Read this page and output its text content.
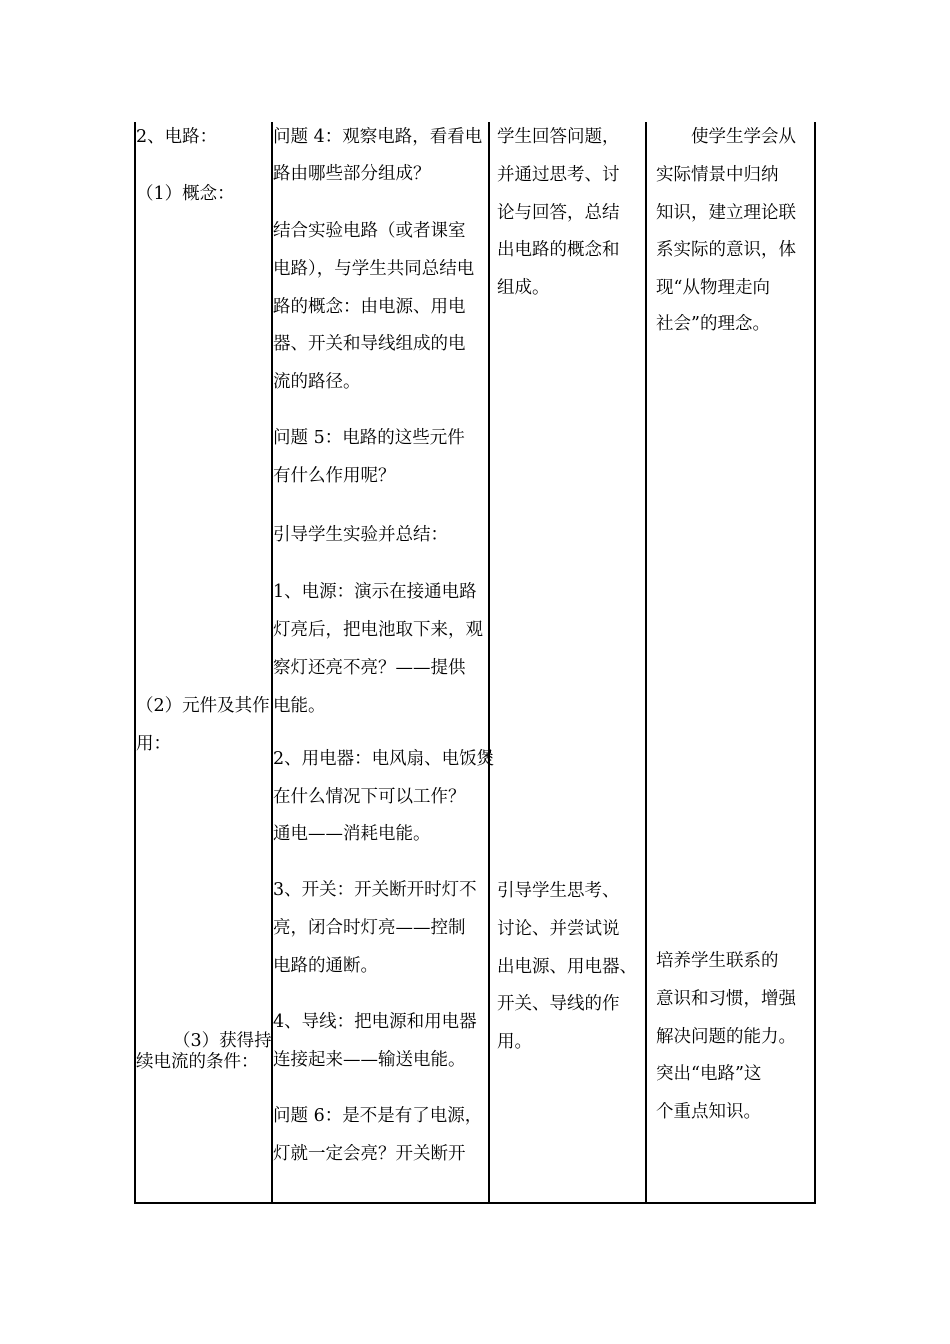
2、电路：
（1）概念：
（2）元件及其作
用：
（3）获得持
续电流的条件：
问题 4：观察电路，看看电
路由哪些部分组成？
结合实验电路（或者课室
电路），与学生共同总结电
路的概念：由电源、用电
器、开关和导线组成的电
流的路径。
问题 5：电路的这些元件
有什么作用呢？
引导学生实验并总结：
1、电源：演示在接通电路
灯亮后，把电池取下来，观
察灯还亮不亮？——提供
电能。
2、用电器：电风扇、电饭煲
在什么情况下可以工作？
通电——消耗电能。
3、开关：开关断开时灯不
亮，闭合时灯亮——控制
电路的通断。
4、导线：把电源和用电器
连接起来——输送电能。
问题 6：是不是有了电源，
灯就一定会亮？开关断开
学生回答问题，
并通过思考、讨
论与回答，总结
出电路的概念和
组成。
引导学生思考、
讨论、并尝试说
出电源、用电器、
开关、导线的作
用。
使学生学会从
实际情景中归纳
知识，建立理论联
系实际的意识，体
现“从物理走向
社会”的理念。
培养学生联系的
意识和习惯，增强
解决问题的能力。
突出“电路”这
个重点知识。
